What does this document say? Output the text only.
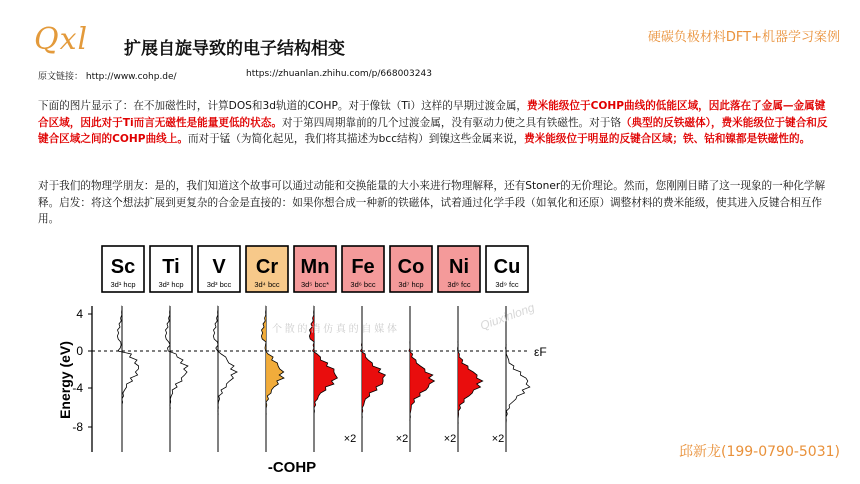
Qxl 扩展自旋导致的电子结构相变
硬碳负极材料DFT+机器学习案例
原文链接： http://www.cohp.de/	https://zhuanlan.zhihu.com/p/668003243
下面的图片显示了：在不加磁性时，计算DOS和3d轨道的COHP。对于像钛（Ti）这样的早期过渡金属，费米能级位于COHP曲线的低能区域，因此落在了金属—金属键合区域，因此对于Ti而言无磁性是能量更低的状态。对于第四周期靠前的几个过渡金属，没有驱动力使之具有铁磁性。对于铬（典型的反铁磁体），费米能级位于键合和反键合区域之间的COHP曲线上。而对于锰（为简化起见，我们将其描述为bcc结构）到镍这些金属来说，费米能级位于明显的反键合区域；铁、钴和镍都是铁磁性的。
对于我们的物理学朋友：是的，我们知道这个故事可以通过动能和交换能量的大小来进行物理解释，还有Stoner的无价理论。然而，您刚刚目睹了这一现象的一种化学解释。启发：将这个想法扩展到更复杂的合金是直接的：如果你想合成一种新的铁磁体，试着通过化学手段（如氧化和还原）调整材料的费米能级，使其进入反键合相互作用。
Sc
3d¹ hcp
Ti
3d² hcp
V
3d³ bcc
Cr
3d⁴ bcc
Mn
3d⁵ bcc*
Fe
3d⁶ bcc
Co
3d⁷ hcp
Ni
3d⁸ fcc
Cu
3d⁹ fcc
4
0
-4
-8
Energy (eV)	εF
-COHP
×2	×2	×2	×2
个 散 的 消 仿 真 的 自 媒 体	Qiuxinlong
邱新龙(199-0790-5031)
